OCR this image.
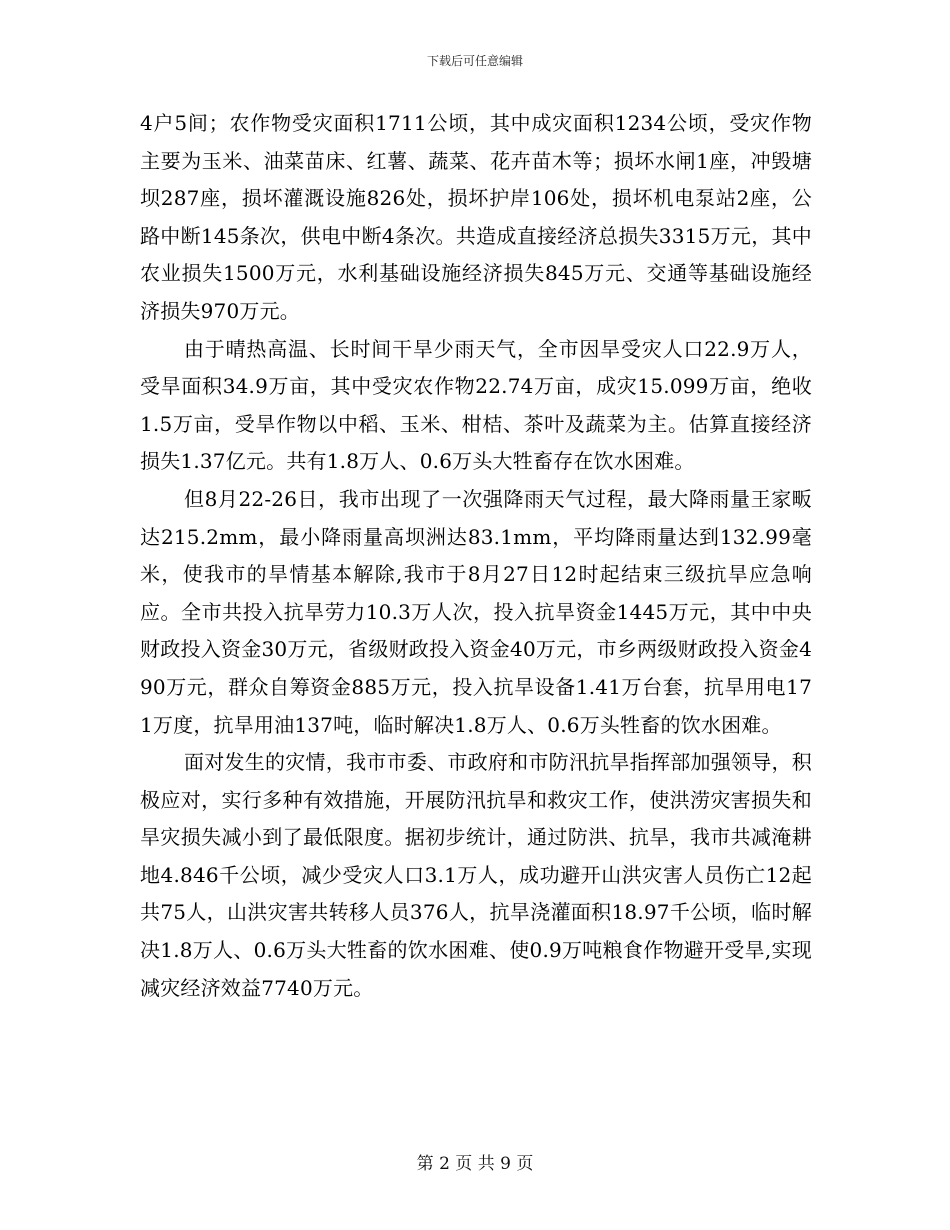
下载后可任意编辑

4户5间；农作物受灾面积1711公顷，其中成灾面积1234公顷，受灾作物主要为玉米、油菜苗床、红薯、蔬菜、花卉苗木等；损坏水闸1座，冲毁塘坝287座，损坏灌溉设施826处，损坏护岸106处，损坏机电泵站2座，公路中断145条次，供电中断4条次。共造成直接经济总损失3315万元，其中农业损失1500万元，水利基础设施经济损失845万元、交通等基础设施经济损失970万元。

由于晴热高温、长时间干旱少雨天气，全市因旱受灾人口22.9万人，受旱面积34.9万亩，其中受灾农作物22.74万亩，成灾15.099万亩，绝收1.5万亩，受旱作物以中稻、玉米、柑桔、茶叶及蔬菜为主。估算直接经济损失1.37亿元。共有1.8万人、0.6万头大牲畜存在饮水困难。

但8月22-26日，我市出现了一次强降雨天气过程，最大降雨量王家畈达215.2mm，最小降雨量高坝洲达83.1mm，平均降雨量达到132.99毫米，使我市的旱情基本解除,我市于8月27日12时起结束三级抗旱应急响应。全市共投入抗旱劳力10.3万人次，投入抗旱资金1445万元，其中中央财政投入资金30万元，省级财政投入资金40万元，市乡两级财政投入资金490万元，群众自筹资金885万元，投入抗旱设备1.41万台套，抗旱用电171万度，抗旱用油137吨，临时解决1.8万人、0.6万头牲畜的饮水困难。

面对发生的灾情，我市市委、市政府和市防汛抗旱指挥部加强领导，积极应对，实行多种有效措施，开展防汛抗旱和救灾工作，使洪涝灾害损失和旱灾损失减小到了最低限度。据初步统计，通过防洪、抗旱，我市共减淹耕地4.846千公顷，减少受灾人口3.1万人，成功避开山洪灾害人员伤亡12起共75人，山洪灾害共转移人员376人，抗旱浇灌面积18.97千公顷，临时解决1.8万人、0.6万头大牲畜的饮水困难、使0.9万吨粮食作物避开受旱,实现减灾经济效益7740万元。

第 2 页 共 9 页
